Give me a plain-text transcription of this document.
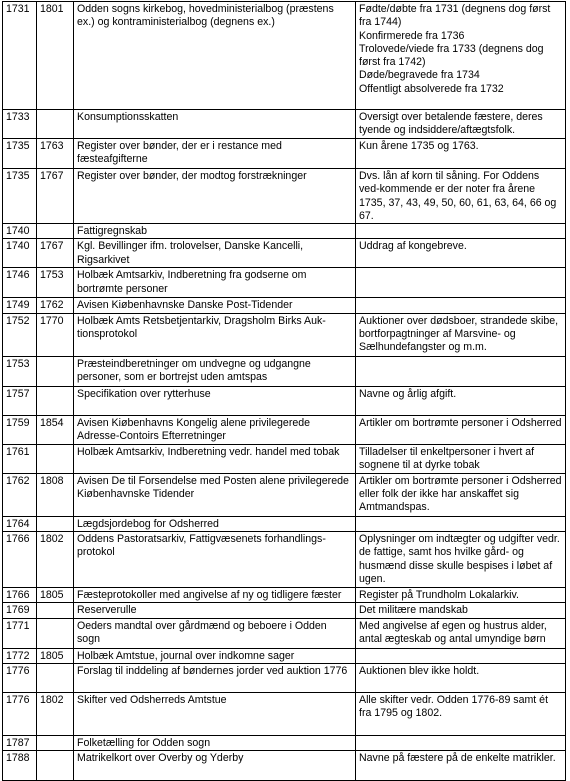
1731	1801	Odden sogns kirkebog, hovedministerialbog (præstens ex.) og kontraministerialbog (degnens ex.)	Fødte/døbte fra 1731 (degnens dog først fra 1744)
Konfirmerede fra 1736
Trolovede/viede fra 1733 (degnens dog først fra 1742)
Døde/begravede fra 1734
Offentligt absolverede fra 1732

1733		Konsumptionsskatten	Oversigt over betalende fæstere, deres tyende og indsiddere/aftægtsfolk.

1735	1763	Register over bønder, der er i restance med fæsteafgifterne	Kun årene 1735 og 1763.

1735	1767	Register over bønder, der modtog forstrækninger	Dvs. lån af korn til såning. For Oddens ved-kommende er der noter fra årene 1735, 37, 43, 49, 50, 60, 61, 63, 64, 66 og 67.

1740		Fattigregnskab	

1740	1767	Kgl. Bevillinger ifm. trolovelser, Danske Kancelli, Rigsarkivet	Uddrag af kongebreve.

1746	1753	Holbæk Amtsarkiv, Indberetning fra godserne om bortrømte personer	

1749	1762	Avisen Kiøbenhavnske Danske Post-Tidender	

1752	1770	Holbæk Amts Retsbetjentarkiv, Dragsholm Birks Auk-tionsprotokol	Auktioner over dødsboer, strandede skibe, bortforpagtninger af Marsvine- og Sælhundefangster og m.m.

1753		Præsteindberetninger om undvegne og udgangne personer, som er bortrejst uden amtspas	

1757		Specifikation over rytterhuse	Navne og årlig afgift.

1759	1854	Avisen Kiøbenhavns Kongelig alene privilegerede Adresse-Contoirs Efterretninger	Artikler om bortrømte personer i Odsherred

1761		Holbæk Amtsarkiv, Indberetning vedr. handel med tobak	Tilladelser til enkeltpersoner i hvert af sognene til at dyrke tobak

1762	1808	Avisen De til Forsendelse med Posten alene privilegerede Kiøbenhavnske Tidender	Artikler om bortrømte personer i Odsherred eller folk der ikke har anskaffet sig Amtmandspas.

1764		Lægdsjordebog for Odsherred	

1766	1802	Oddens Pastoratsarkiv, Fattigvæsenets forhandlings-protokol	Oplysninger om indtægter og udgifter vedr. de fattige, samt hos hvilke gård- og husmænd disse skulle bespises i løbet af ugen.

1766	1805	Fæsteprotokoller med angivelse af ny og tidligere fæster	Register på Trundholm Lokalarkiv.

1769		Reserverulle	Det militære mandskab

1771		Oeders mandtal over gårdmænd og beboere i Odden sogn	Med angivelse af egen og hustrus alder, antal ægteskab og antal umyndige børn

1772	1805	Holbæk Amtstue, journal over indkomne sager	

1776		Forslag til inddeling af bøndernes jorder ved auktion 1776	Auktionen blev ikke holdt.

1776	1802	Skifter ved Odsherreds Amtstue	Alle skifter vedr. Odden 1776-89 samt ét fra 1795 og 1802.

1787		Folketælling for Odden sogn	

1788		Matrikelkort over Overby og Yderby	Navne på fæstere på de enkelte matrikler.
